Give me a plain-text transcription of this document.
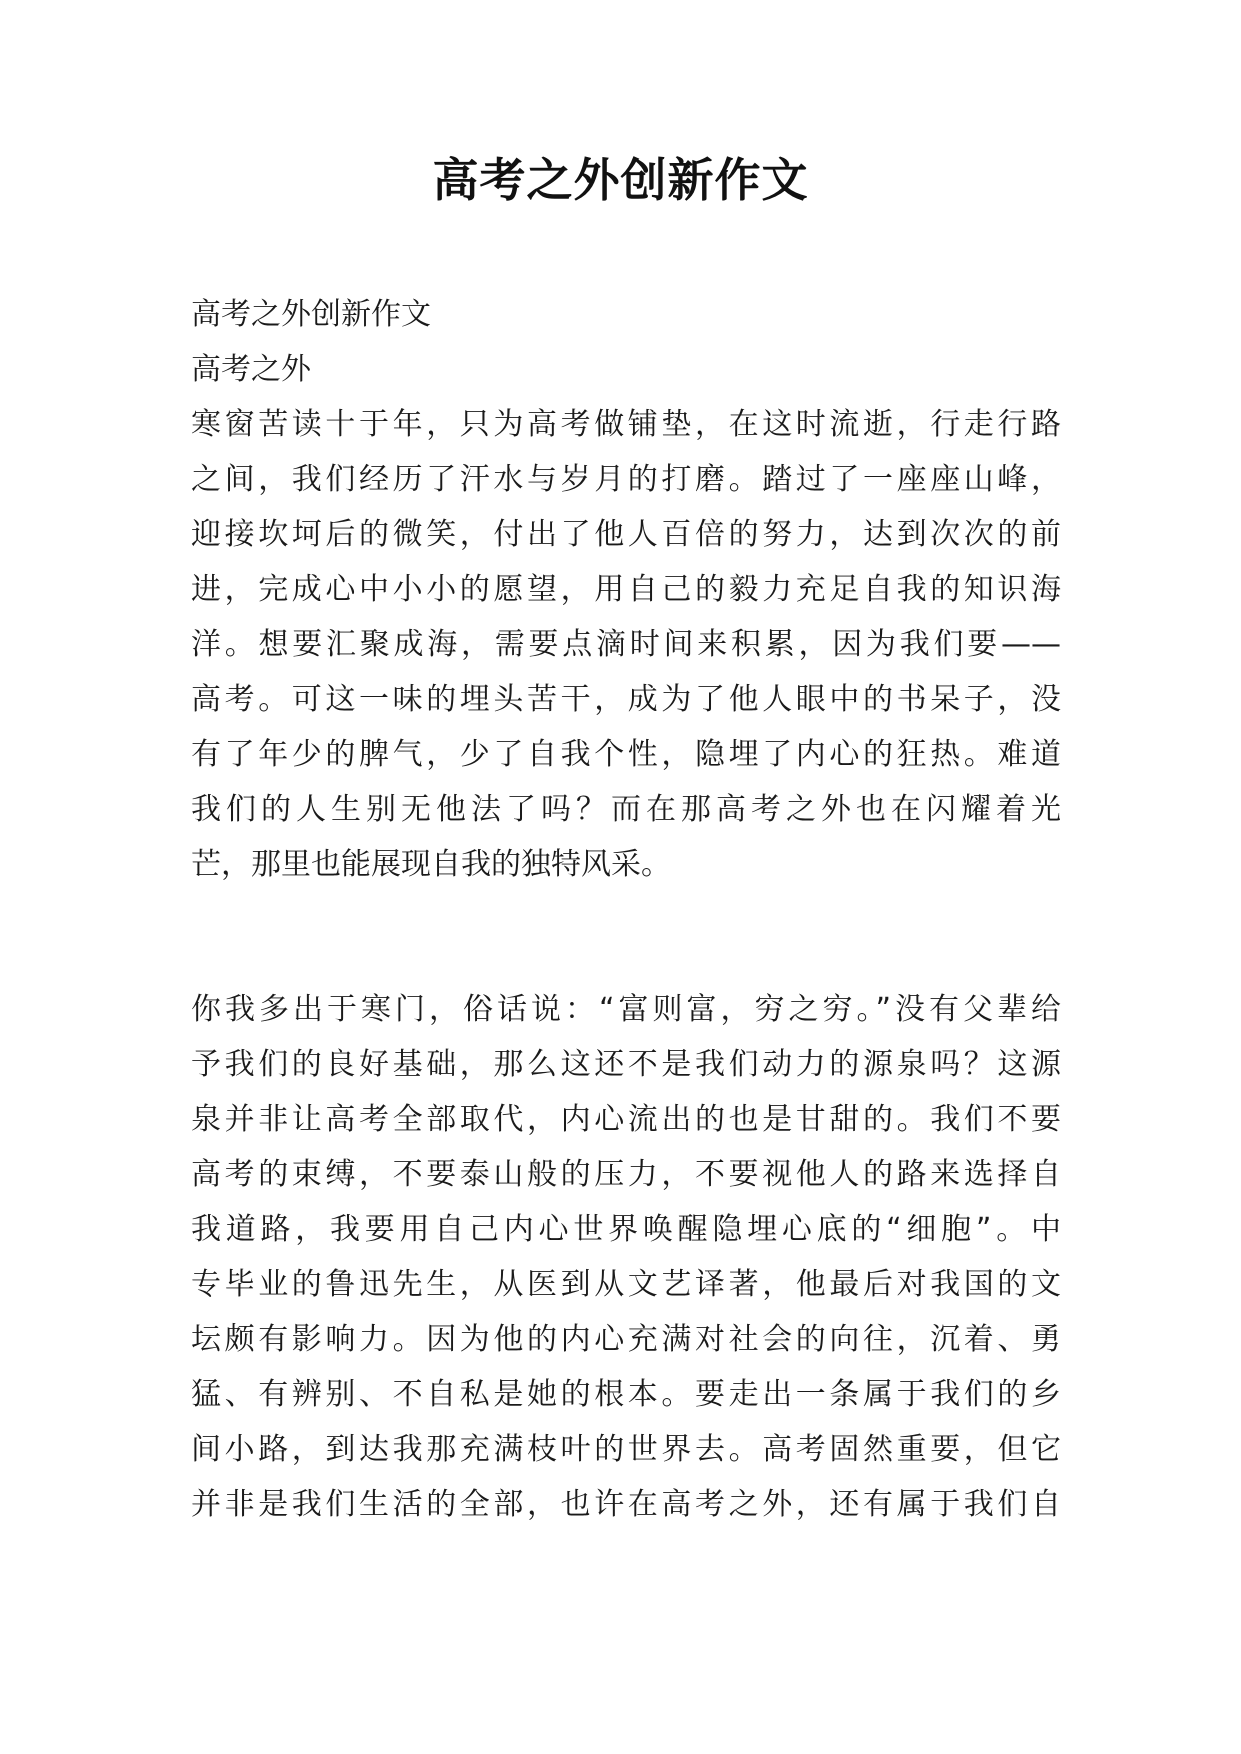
高考之外创新作文
高考之外创新作文
高考之外
寒窗苦读十于年，只为高考做铺垫，在这时流逝，行走行路
之间，我们经历了汗水与岁月的打磨。踏过了一座座山峰，
迎接坎坷后的微笑，付出了他人百倍的努力，达到次次的前
进，完成心中小小的愿望，用自己的毅力充足自我的知识海
洋。想要汇聚成海，需要点滴时间来积累，因为我们要——
高考。可这一味的埋头苦干，成为了他人眼中的书呆子，没
有了年少的脾气，少了自我个性，隐埋了内心的狂热。难道
我们的人生别无他法了吗？而在那高考之外也在闪耀着光
芒，那里也能展现自我的独特风采。
你我多出于寒门，俗话说：“富则富，穷之穷。”没有父辈给
予我们的良好基础，那么这还不是我们动力的源泉吗？这源
泉并非让高考全部取代，内心流出的也是甘甜的。我们不要
高考的束缚，不要泰山般的压力，不要视他人的路来选择自
我道路，我要用自己内心世界唤醒隐埋心底的“细胞”。中
专毕业的鲁迅先生，从医到从文艺译著，他最后对我国的文
坛颇有影响力。因为他的内心充满对社会的向往，沉着、勇
猛、有辨别、不自私是她的根本。要走出一条属于我们的乡
间小路，到达我那充满枝叶的世界去。高考固然重要，但它
并非是我们生活的全部，也许在高考之外，还有属于我们自
